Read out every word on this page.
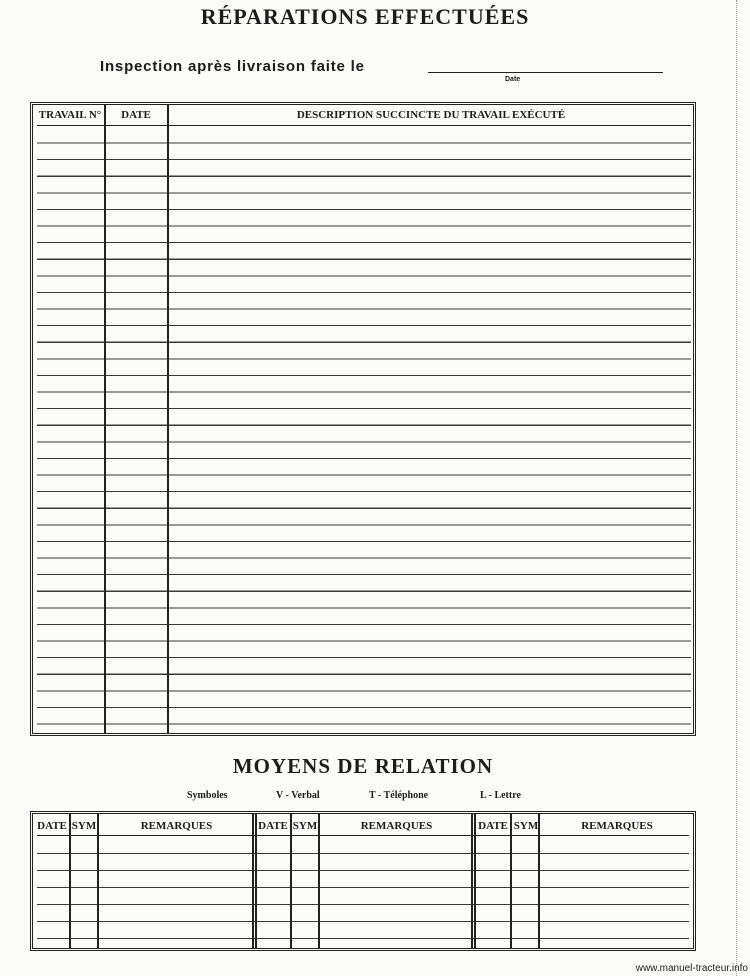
RÉPARATIONS EFFECTUÉES
Inspection après livraison faite le
Date
TRAVAIL N°	DATE	DESCRIPTION SUCCINCTE DU TRAVAIL EXÉCUTÉ
MOYENS DE RELATION
Symboles	V - Verbal	T - Téléphone	L - Lettre
DATE SYM	REMARQUES	DATE SYM	REMARQUES	DATE SYM	REMARQUES
www.manuel-tracteur.info
